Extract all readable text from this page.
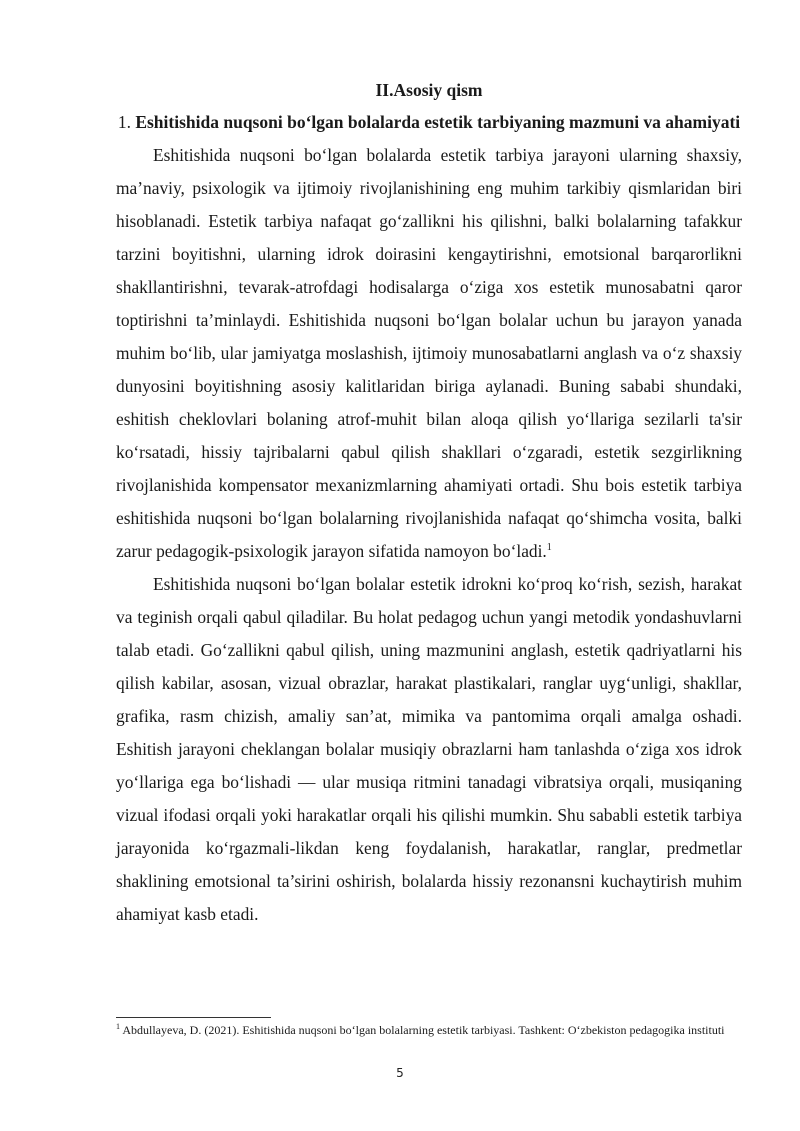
II.Asosiy qism
1. Eshitishida nuqsoni bo‘lgan bolalarda estetik tarbiyaning mazmuni va ahamiyati

Eshitishida nuqsoni bo‘lgan bolalarda estetik tarbiya jarayoni ularning shaxsiy, ma’naviy, psixologik va ijtimoiy rivojlanishining eng muhim tarkibiy qismlaridan biri hisoblanadi. Estetik tarbiya nafaqat go‘zallikni his qilishni, balki bolalarning tafakkur tarzini boyitishni, ularning idrok doirasini kengaytirishni, emotsional barqarorlikni shakllantirishni, tevarak-atrofdagi hodisalarga o‘ziga xos estetik munosabatni qaror toptirishni ta’minlaydi. Eshitishida nuqsoni bo‘lgan bolalar uchun bu jarayon yanada muhim bo‘lib, ular jamiyatga moslashish, ijtimoiy munosabatlarni anglash va o‘z shaxsiy dunyosini boyitishning asosiy kalitlaridan biriga aylanadi. Buning sababi shundaki, eshitish cheklovlari bolaning atrof-muhit bilan aloqa qilish yo‘llariga sezilarli ta'sir ko‘rsatadi, hissiy tajribalarni qabul qilish shakllari o‘zgaradi, estetik sezgirlikning rivojlanishida kompensator mexanizmlarning ahamiyati ortadi. Shu bois estetik tarbiya eshitishida nuqsoni bo‘lgan bolalarning rivojlanishida nafaqat qo‘shimcha vosita, balki zarur pedagogik-psixologik jarayon sifatida namoyon bo‘ladi.$^1$

Eshitishida nuqsoni bo‘lgan bolalar estetik idrokni ko‘proq ko‘rish, sezish, harakat va teginish orqali qabul qiladilar. Bu holat pedagog uchun yangi metodik yondashuvlarni talab etadi. Go‘zallikni qabul qilish, uning mazmunini anglash, estetik qadriyatlarni his qilish kabilar, asosan, vizual obrazlar, harakat plastikalari, ranglar uyg‘unligi, shakllar, grafika, rasm chizish, amaliy san’at, mimika va pantomima orqali amalga oshadi. Eshitish jarayoni cheklangan bolalar musiqiy obrazlarni ham tanlashda o‘ziga xos idrok yo‘llariga ega bo‘lishadi — ular musiqa ritmini tanadagi vibratsiya orqali, musiqaning vizual ifodasi orqali yoki harakatlar orqali his qilishi mumkin. Shu sababli estetik tarbiya jarayonida ko‘rgazmali-likdan keng foydalanish, harakatlar, ranglar, predmetlar shaklining emotsional ta’sirini oshirish, bolalarda hissiy rezonansni kuchaytirish muhim ahamiyat kasb etadi.

$^1$ Abdullayeva, D. (2021). Eshitishida nuqsoni bo‘lgan bolalarning estetik tarbiyasi. Tashkent: O‘zbekiston pedagogika instituti

5
